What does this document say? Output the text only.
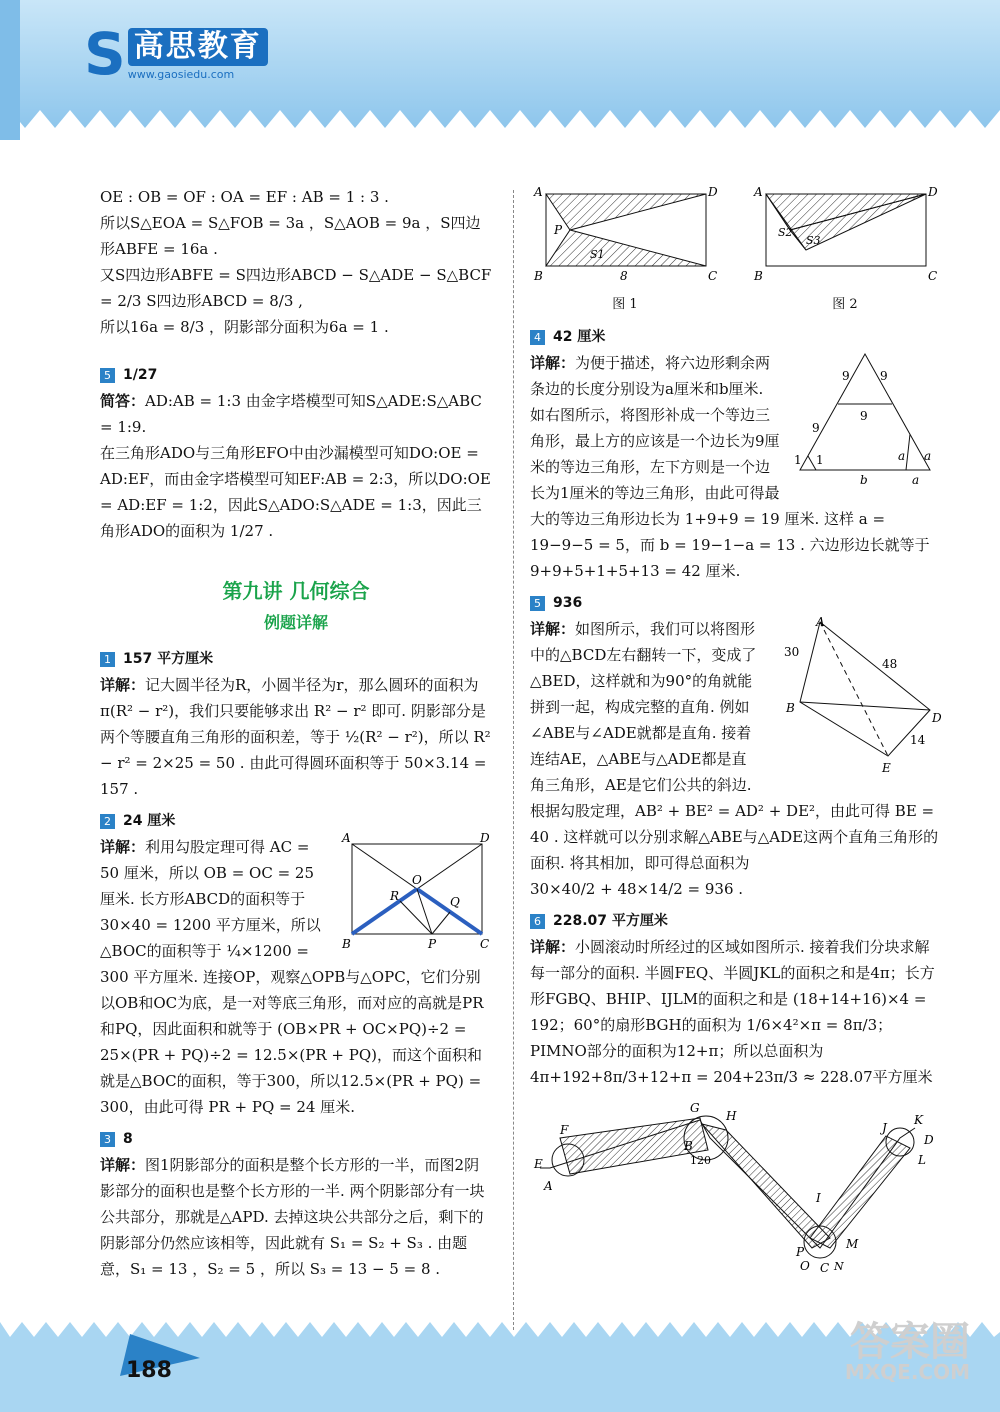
S 高思教育
www.gaosiedu.com

OE : OB = OF : OA = EF : AB = 1 : 3 .

所以S△EOA = S△FOB = 3a ，S△AOB = 9a ，S四边形ABFE = 16a .

又S四边形ABFE = S四边形ABCD − S△ADE − S△BCF = 2/3 S四边形ABCD = 8/3 ,

所以16a = 8/3 ，阴影部分面积为6a = 1 .

5 1/27

简答：AD:AB = 1:3 由金字塔模型可知S△ADE:S△ABC = 1:9.

在三角形ADO与三角形EFO中由沙漏模型可知DO:OE = AD:EF，而由金字塔模型可知EF:AB = 2:3，所以DO:OE = AD:EF = 1:2，因此S△ADO:S△ADE = 1:3，因此三角形ADO的面积为 1/27 .

第九讲 几何综合
例题详解
1 157 平方厘米

详解：记大圆半径为R，小圆半径为r，那么圆环的面积为π(R² − r²)，我们只要能够求出 R² − r² 即可. 阴影部分是两个等腰直角三角形的面积差，等于 ½(R² − r²)，所以 R² − r² = 2×25 = 50 . 由此可得圆环面积等于 50×3.14 = 157 .

2 24 厘米
A	D
B	C
O
R	Q
P

详解：利用勾股定理可得 AC = 50 厘米，所以 OB = OC = 25 厘米. 长方形ABCD的面积等于 30×40 = 1200 平方厘米，所以△BOC的面积等于 ¼×1200 = 300 平方厘米. 连接OP，观察△OPB与△OPC，它们分别以OB和OC为底，是一对等底三角形，而对应的高就是PR和PQ，因此面积和就等于 (OB×PR + OC×PQ)÷2 = 25×(PR + PQ)÷2 = 12.5×(PR + PQ)，而这个面积和就是△BOC的面积，等于300，所以12.5×(PR + PQ) = 300，由此可得 PR + PQ = 24 厘米.

3 8

详解：图1阴影部分的面积是整个长方形的一半，而图2阴影部分的面积也是整个长方形的一半. 两个阴影部分有一块公共部分，那就是△APD. 去掉这块公共部分之后，剩下的阴影部分仍然应该相等，因此就有 S₁ = S₂ + S₃ . 由题意，S₁ = 13 ，S₂ = 5 ，所以 S₃ = 13 − 5 = 8 .

A	D
B	C
P
S1
8
图 1
A	D
B	C
S2
S3
图 2
4 42 厘米
9	9
9
9
1 1	a a
b	a

详解：为便于描述，将六边形剩余两条边的长度分别设为a厘米和b厘米. 如右图所示，将图形补成一个等边三角形，最上方的应该是一个边长为9厘米的等边三角形，左下方则是一个边长为1厘米的等边三角形，由此可得最大的等边三角形边长为 1+9+9 = 19 厘米. 这样 a = 19−9−5 = 5，而 b = 19−1−a = 13 . 六边形边长就等于 9+9+5+1+5+13 = 42 厘米.

5 936
A
30
48
B
D
14
E

详解：如图所示，我们可以将图形中的△BCD左右翻转一下，变成了△BED，这样就和为90°的角就能拼到一起，构成完整的直角. 例如∠ABE与∠ADE就都是直角. 接着连结AE，△ABE与△ADE都是直角三角形，AE是它们公共的斜边. 根据勾股定理，AB² + BE² = AD² + DE²，由此可得 BE = 40 . 这样就可以分别求解△ABE与△ADE这两个直角三角形的面积. 将其相加，即可得总面积为

30×40/2 + 48×14/2 = 936 .

6 228.07 平方厘米

详解：小圆滚动时所经过的区域如图所示. 接着我们分块求解每一部分的面积. 半圆FEQ、半圆JKL的面积之和是4π；长方形FGBQ、BHIP、IJLM的面积之和是 (18+14+16)×4 = 192；60°的扇形BGH的面积为 1/6×4²×π = 8π/3；PIMNO部分的面积为12+π；所以总面积为 4π+192+8π/3+12+π = 204+23π/3 ≈ 228.07平方厘米

F
E
A
G
H
B
120
J
K
D
L
I
P
O C N
M
188
答案圈
MXQE.COM
